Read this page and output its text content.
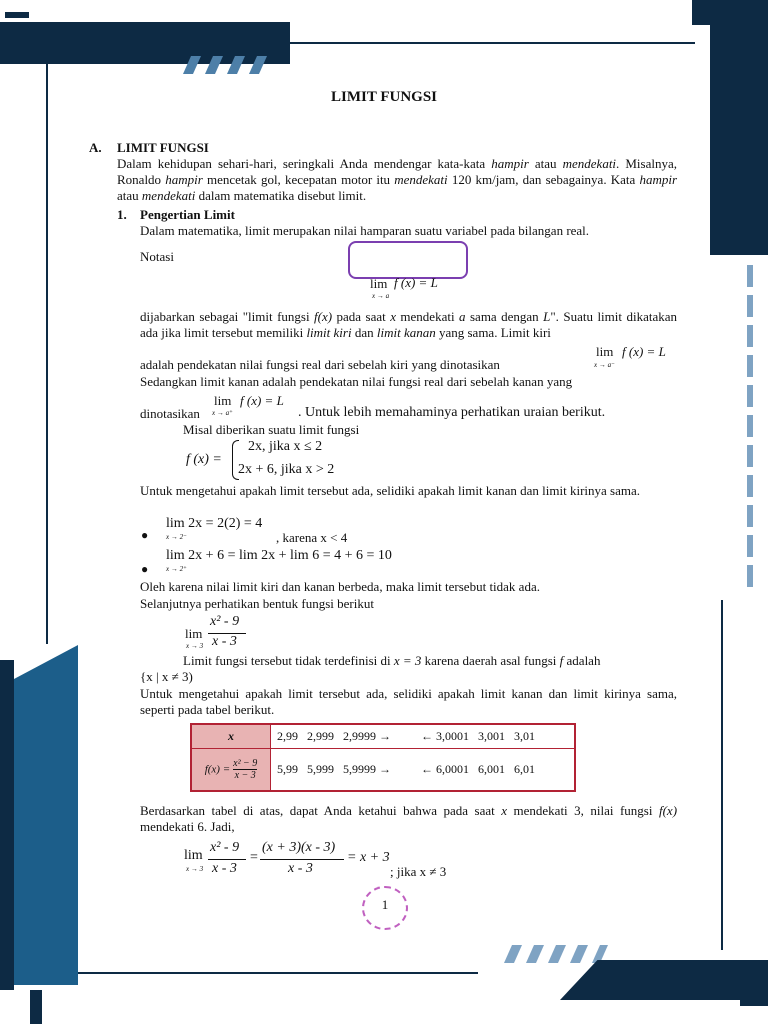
LIMIT FUNGSI
A. LIMIT FUNGSI
Dalam kehidupan sehari-hari, seringkali Anda mendengar kata-kata hampir atau mendekati. Misalnya, Ronaldo hampir mencetak gol, kecepatan motor itu mendekati 120 km/jam, dan sebagainya. Kata hampir atau mendekati dalam matematika disebut limit.
1. Pengertian Limit
Dalam matematika, limit merupakan nilai hamparan suatu variabel pada bilangan real.
Notasi
lim f (x) = L
x → a
dijabarkan sebagai "limit fungsi f(x) pada saat x mendekati a sama dengan L". Suatu limit dikatakan ada jika limit tersebut memiliki limit kiri dan limit kanan yang sama. Limit kiri
adalah pendekatan nilai fungsi real dari sebelah kiri yang dinotasikan
lim f (x) = L
x → a⁻
Sedangkan limit kanan adalah pendekatan nilai fungsi real dari sebelah kanan yang
lim f (x) = L
x → a⁺
dinotasikan	. Untuk lebih memahaminya perhatikan uraian berikut.
Misal diberikan suatu limit fungsi
f (x) =
2x, jika x ≤ 2
2x + 6, jika x > 2
Untuk mengetahui apakah limit tersebut ada, selidiki apakah limit kanan dan limit kirinya sama.
●
lim 2x = 2(2) = 4
x → 2⁻	, karena x < 4
●
lim 2x + 6 = lim 2x + lim 6 = 4 + 6 = 10
x → 2⁺
Oleh karena nilai limit kiri dan kanan berbeda, maka limit tersebut tidak ada.
Selanjutnya perhatikan bentuk fungsi berikut
lim
x → 3
x² - 9
x - 3
Limit fungsi tersebut tidak terdefinisi di x = 3 karena daerah asal fungsi f adalah
{x | x ≠ 3)
Untuk mengetahui apakah limit tersebut ada, selidiki apakah limit kanan dan limit kirinya sama, seperti pada tabel berikut.
x	2,99   2,999   2,9999 →          ← 3,0001   3,001   3,01
$f(x) = \frac{\text{x² − 9}}{x - 3}$	5,99   5,999   5,9999 →          ← 6,0001   6,001   6,01
Berdasarkan tabel di atas, dapat Anda ketahui bahwa pada saat x mendekati 3, nilai fungsi f(x) mendekati 6. Jadi,
lim
x → 3
x² - 9
x - 3
=
(x + 3)(x - 3)
x - 3
= x + 3
; jika x ≠ 3
1
